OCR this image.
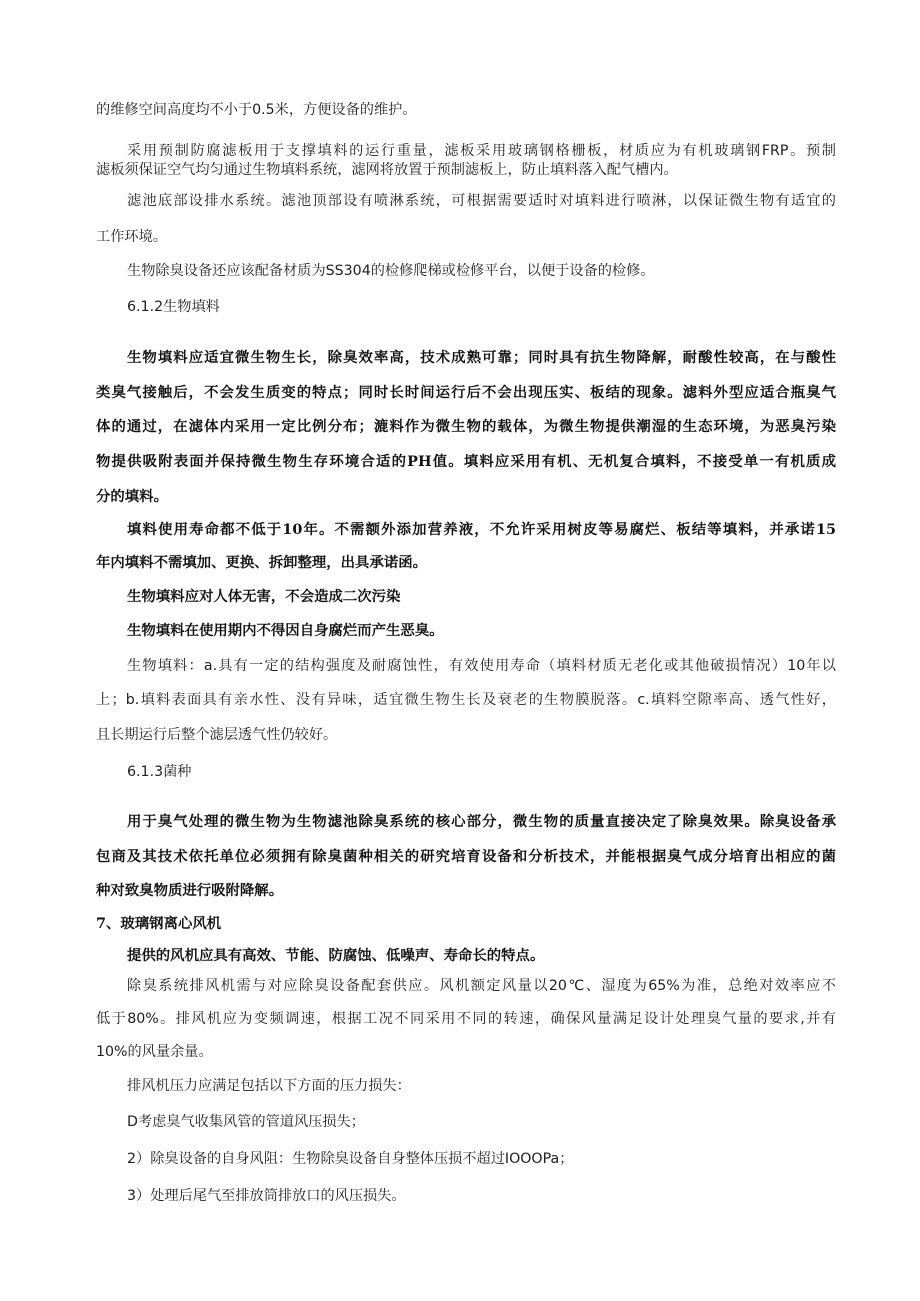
的维修空间高度均不小于0.5米，方便设备的维护。
采用预制防腐滤板用于支撑填料的运行重量，滤板采用玻璃钢格栅板，材质应为有机玻璃钢FRP。预制
滤板须保证空气均匀通过生物填料系统，滤网将放置于预制滤板上，防止填料落入配气槽内。
滤池底部设排水系统。滤池顶部设有喷淋系统，可根据需要适时对填料进行喷淋，以保证微生物有适宜的
工作环境。
生物除臭设备还应该配备材质为SS304的检修爬梯或检修平台，以便于设备的检修。
6.1.2生物填料
生物填料应适宜微生物生长，除臭效率高，技术成熟可靠；同时具有抗生物降解，耐酸性较高，在与酸性
类臭气接触后，不会发生质变的特点；同时长时间运行后不会出现压实、板结的现象。滤料外型应适合瓶臭气
体的通过，在滤体内采用一定比例分布；漉料作为微生物的载体，为微生物提供潮湿的生态环境，为恶臭污染
物提供吸附表面并保持微生物生存环境合适的PH值。填料应采用有机、无机复合填料，不接受单一有机质成
分的填料。
填料使用寿命都不低于10年。不需额外添加营养液，不允许采用树皮等易腐烂、板结等填料，并承诺15
年内填料不需填加、更换、拆卸整理，出具承诺函。
生物填料应对人体无害，不会造成二次污染
生物填料在使用期内不得因自身腐烂而产生恶臭。
生物填料：a.具有一定的结构强度及耐腐蚀性，有效使用寿命（填料材质无老化或其他破损情况）10年以
上；b.填料表面具有亲水性、没有异味，适宜微生物生长及衰老的生物膜脱落。c.填料空隙率高、透气性好，
且长期运行后整个滤层透气性仍较好。
6.1.3菌种
用于臭气处理的微生物为生物滤池除臭系统的核心部分，微生物的质量直接决定了除臭效果。除臭设备承
包商及其技术依托单位必须拥有除臭菌种相关的研究培育设备和分析技术，并能根据臭气成分培育出相应的菌
种对致臭物质进行吸附降解。
7、玻璃钢离心风机
提供的风机应具有高效、节能、防腐蚀、低噪声、寿命长的特点。
除臭系统排风机需与对应除臭设备配套供应。风机额定风量以20℃、湿度为65%为准，总绝对效率应不
低于80%。排风机应为变频调速，根据工况不同采用不同的转速，确保风量满足设计处理臭气量的要求,并有
10%的风量余量。
排风机压力应满足包括以下方面的压力损失：
D考虑臭气收集风管的管道风压损失；
2）除臭设备的自身风阻：生物除臭设备自身整体压损不超过IOOOPa；
3）处理后尾气至排放筒排放口的风压损失。
